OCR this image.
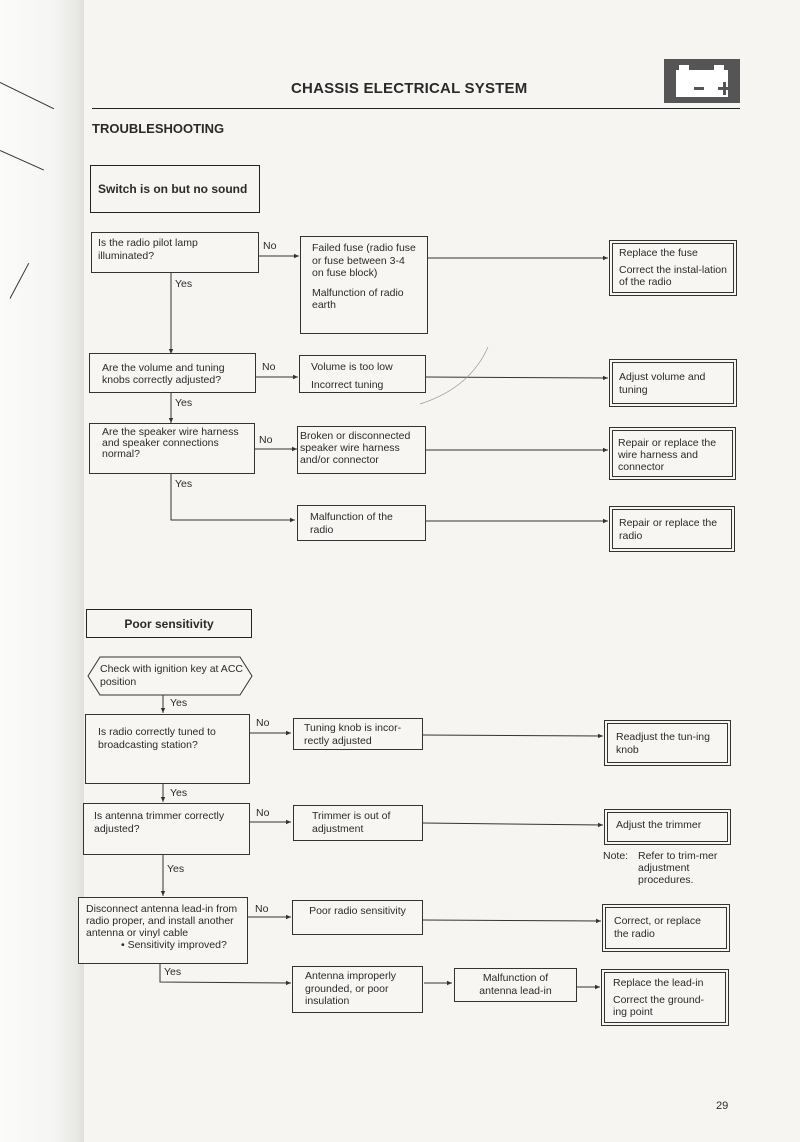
CHASSIS ELECTRICAL SYSTEM
TROUBLESHOOTING
Switch is on but no sound

Is the radio pilot lamp illuminated?

No
Yes

Failed fuse (radio fuse or fuse between 3-4 on fuse block)

Malfunction of radio earth

Replace the fuse

Correct the instal-lation of the radio

Are the volume and tuning knobs correctly adjusted?

No
Yes

Volume is too low

Incorrect tuning

Adjust volume and tuning

Are the speaker wire harness and speaker connections normal?

No
Yes

Broken or disconnected speaker wire harness and/or connector

Repair or replace the wire harness and connector

Malfunction of the radio

Repair or replace the radio
Poor sensitivity

Check with ignition key at ACC position

Yes

Is radio correctly tuned to broadcasting station?

No
Yes

Tuning knob is incor-rectly adjusted	Readjust the tun-ing knob

Is antenna trimmer correctly adjusted?

No
Yes

Trimmer is out of adjustment	Adjust the trimmer
Note: Refer to trim-mer adjustment procedures.

Disconnect antenna lead-in from radio proper, and install another antenna or vinyl cable

• Sensitivity improved?

No
Yes

Poor radio sensitivity

Correct, or replace the radio

Antenna improperly grounded, or poor insulation

Malfunction of antenna lead-in

Replace the lead-in

Correct the ground-ing point

29
